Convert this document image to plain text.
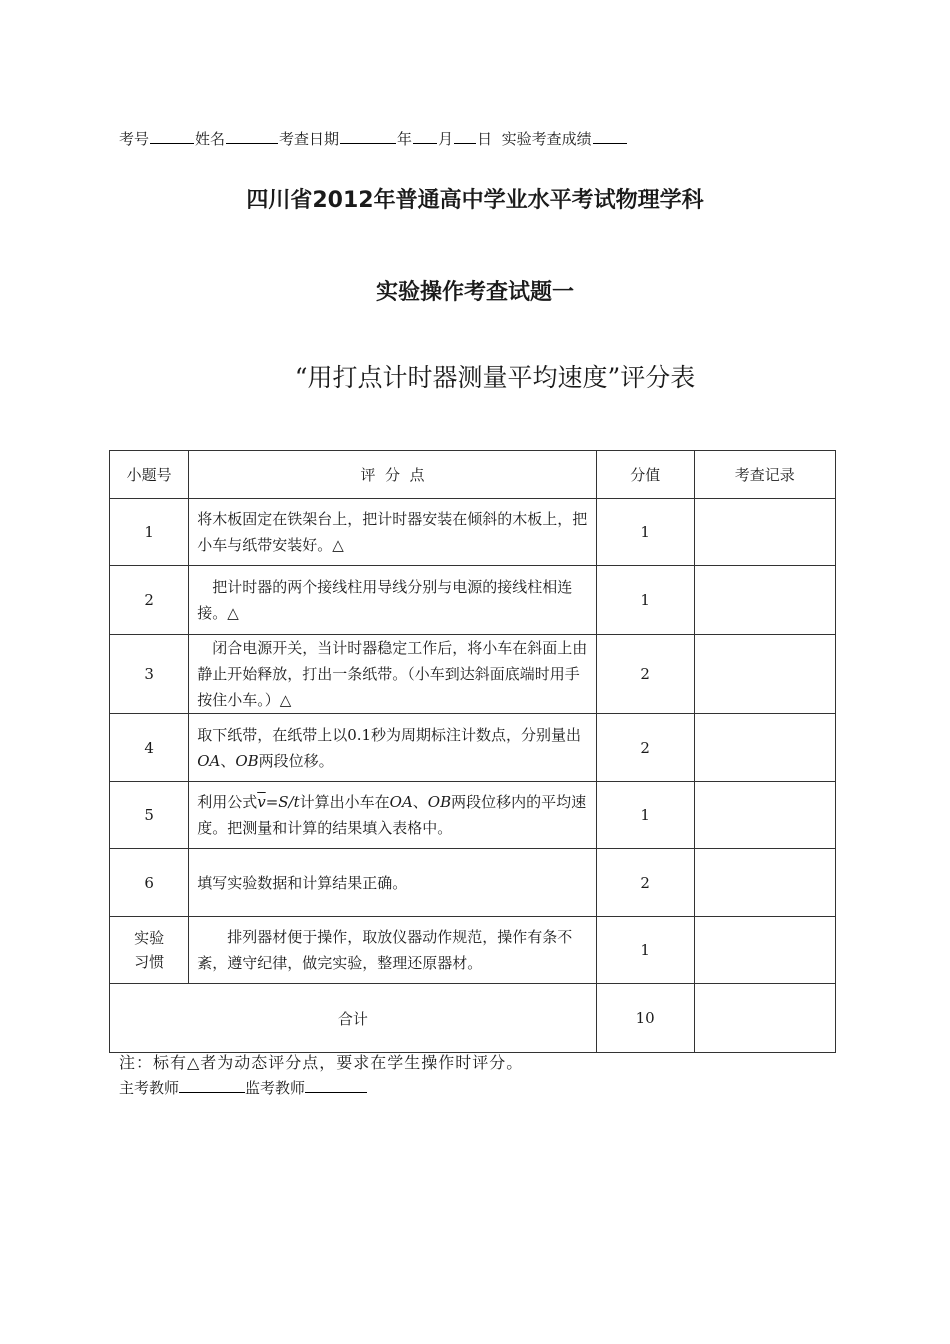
考号	姓名	考查日期	年 月 日 实验考查成绩
四川省2012年普通高中学业水平考试物理学科
实验操作考查试题一
“用打点计时器测量平均速度”评分表
小题号	评  分  点	分值	考查记录
1	将木板固定在铁架台上，把计时器安装在倾斜的木板上，把小车与纸带安装好。△	1	
2	　把计时器的两个接线柱用导线分别与电源的接线柱相连接。△	1	
3	　闭合电源开关，当计时器稳定工作后，将小车在斜面上由静止开始释放，打出一条纸带。（小车到达斜面底端时用手按住小车。）△	2	
4	取下纸带，在纸带上以0.1秒为周期标注计数点，分别量出OA、OB两段位移。	2	
5	利用公式$\overline{v}=S/t$计算出小车在OA、OB两段位移内的平均速度。把测量和计算的结果填入表格中。	1	
6	填写实验数据和计算结果正确。	2	
实验
习惯	　　排列器材便于操作，取放仪器动作规范，操作有条不紊，遵守纪律，做完实验，整理还原器材。	1	
合计		10	
注：标有△者为动态评分点，要求在学生操作时评分。
主考教师	监考教师
